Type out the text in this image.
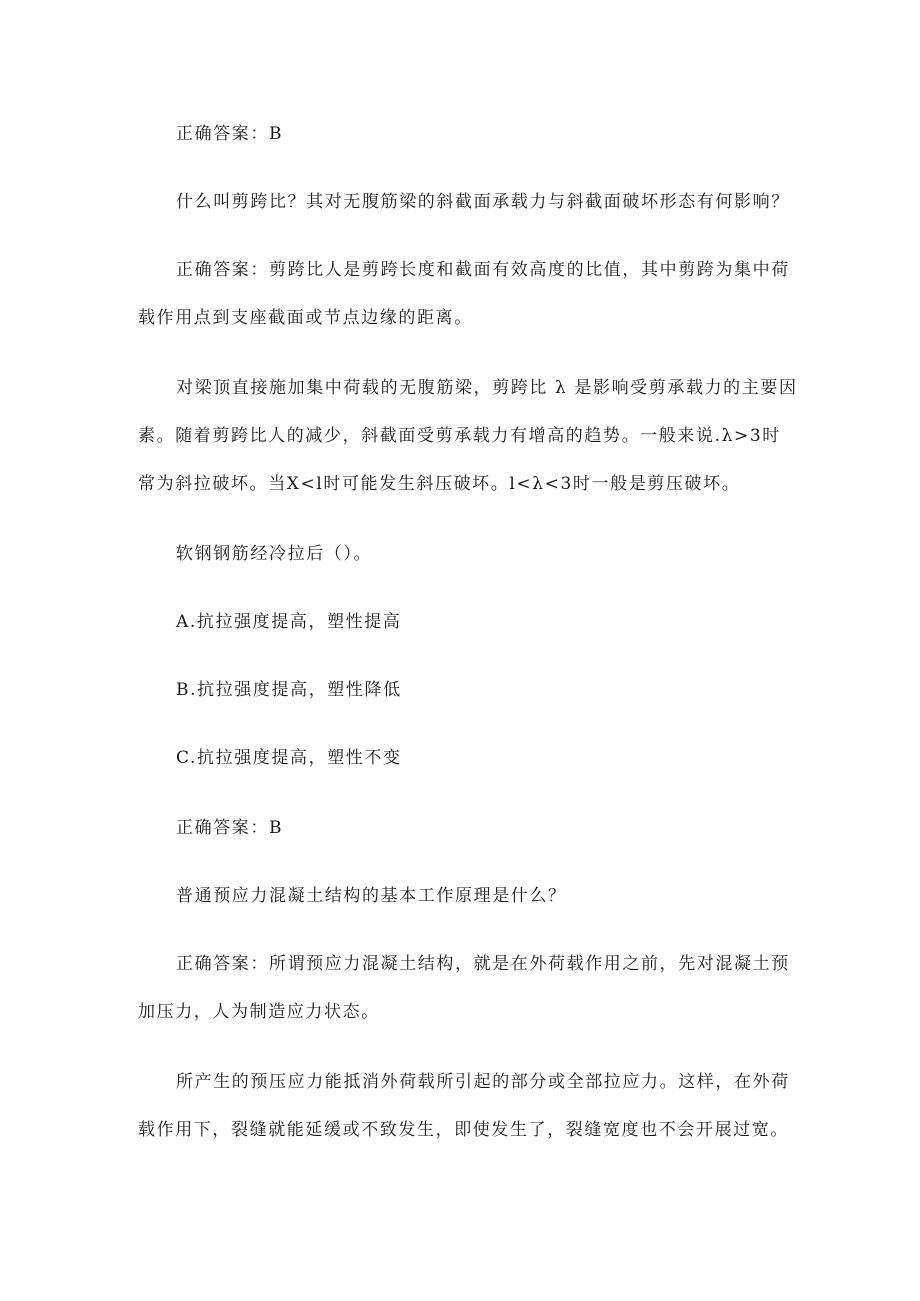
正确答案：B

什么叫剪跨比？其对无腹筋梁的斜截面承载力与斜截面破坏形态有何影响？

正确答案：剪跨比人是剪跨长度和截面有效高度的比值，其中剪跨为集中荷载作用点到支座截面或节点边缘的距离。

对梁顶直接施加集中荷载的无腹筋梁，剪跨比 λ 是影响受剪承载力的主要因素。随着剪跨比人的减少，斜截面受剪承载力有增高的趋势。一般来说.λ>3时常为斜拉破坏。当X<l时可能发生斜压破坏。l<λ<3时一般是剪压破坏。

软钢钢筋经冷拉后（）。

A.抗拉强度提高，塑性提高

B.抗拉强度提高，塑性降低

C.抗拉强度提高，塑性不变

正确答案：B

普通预应力混凝土结构的基本工作原理是什么？

正确答案：所谓预应力混凝土结构，就是在外荷载作用之前，先对混凝土预加压力，人为制造应力状态。

所产生的预压应力能抵消外荷载所引起的部分或全部拉应力。这样，在外荷载作用下，裂缝就能延缓或不致发生，即使发生了，裂缝宽度也不会开展过宽。
